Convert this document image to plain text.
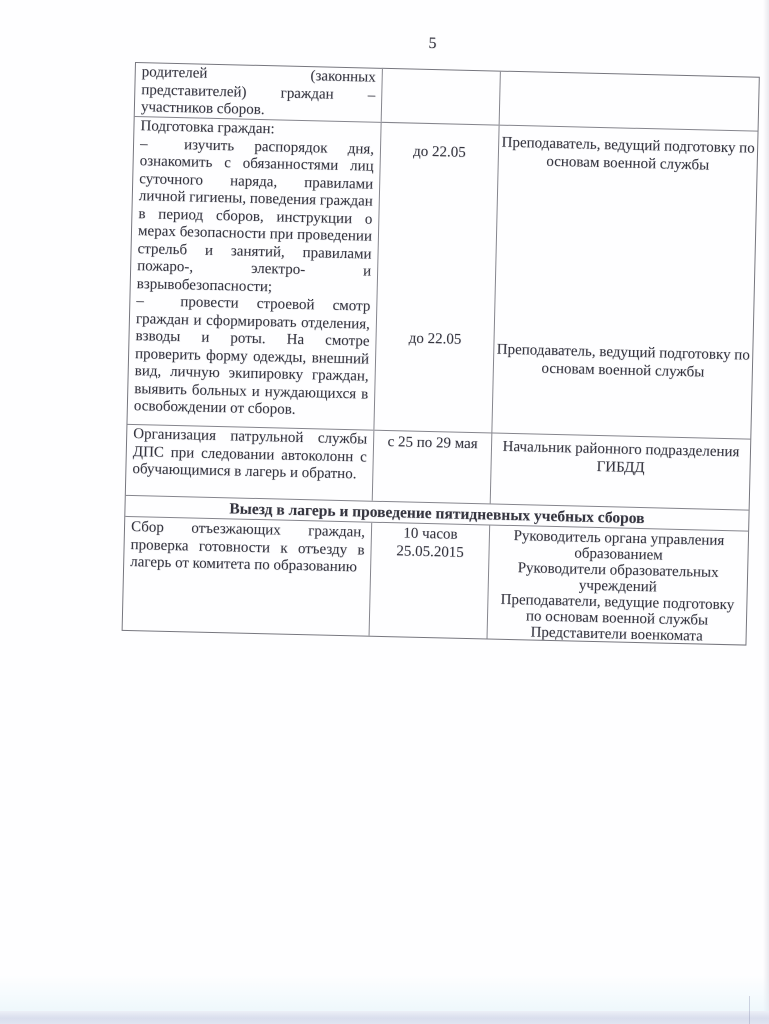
5

родителей (законных представителей) граждан – участников сборов.

Подготовка граждан:

– изучить распорядок дня, ознакомить с обязанностями лиц суточного наряда, правилами личной гигиены, поведения граждан в период сборов, инструкции о мерах безопасности при проведении стрельб и занятий, правилами пожаро-, электро- и взрывобезопасности;

– провести строевой смотр граждан и сформировать отделения, взводы и роты. На смотре проверить форму одежды, внешний вид, личную экипировку граждан, выявить больных и нуждающихся в освобождении от сборов.

до 22.05
до 22.05
Преподаватель, ведущий подготовку по основам военной службы
Преподаватель, ведущий подготовку по основам военной службы

Организация патрульной службы ДПС при следовании автоколонн с обучающимися в лагерь и обратно.

с 25 по 29 мая	Начальник районного подразделения ГИБДД
Выезд в лагерь и проведение пятидневных учебных сборов

Сбор отъезжающих граждан, проверка готовности к отъезду в лагерь от комитета по образованию

10 часов
25.05.2015

Руководитель органа управления образованием

Руководители образовательных учреждений

Преподаватели, ведущие подготовку по основам военной службы

Представители военкомата
